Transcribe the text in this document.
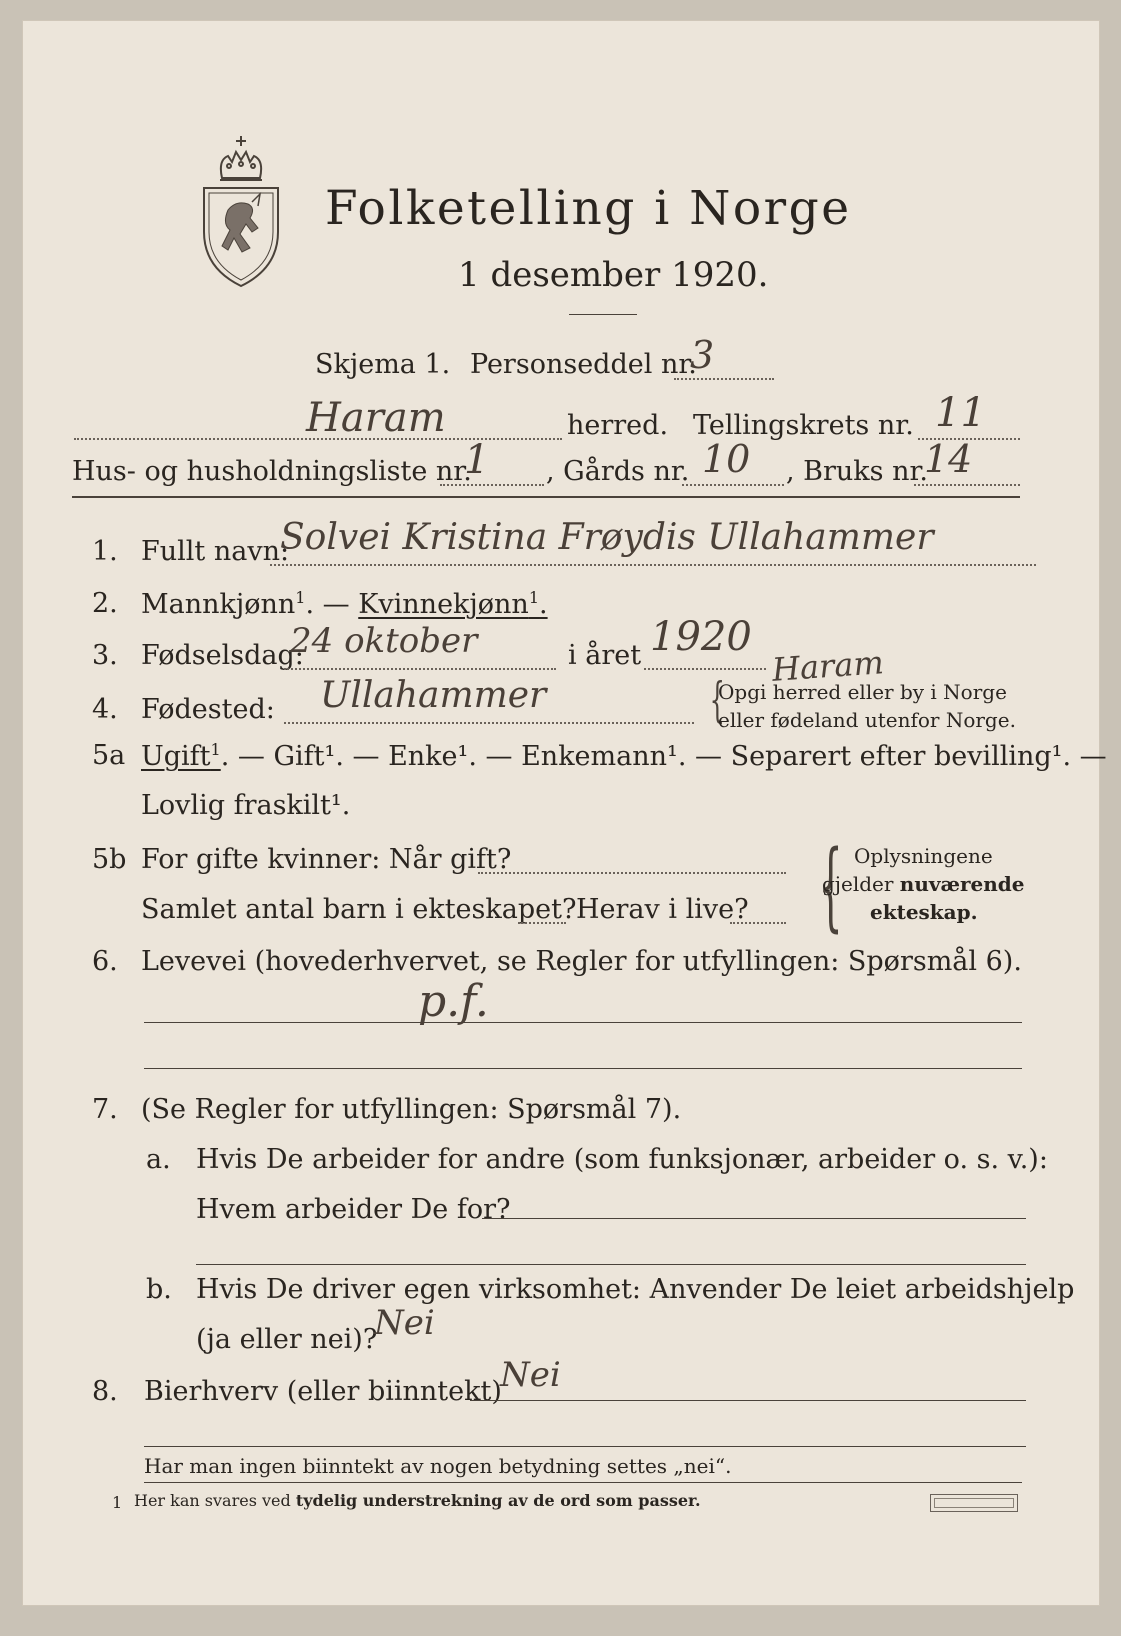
Folketelling i Norge
1 desember 1920.
Skjema 1. Personseddel nr.
3
Haram	herred. Tellingskrets nr. 11
Hus- og husholdningsliste nr.
1 , Gårds nr. 10 , Bruks nr.
14
1. Fullt navn:
Solvei Kristina Frøydis Ullahammer
2. Mannkjønn$^1$. — Kvinnekjønn$^1$.
3. Fødselsdag:
24 oktober	i året 1920
Haram
4. Fødested: Ullahammer	{
Opgi herred eller by i Norge
eller fødeland utenfor Norge.
5a Ugift$^1$. — Gift¹. — Enke¹. — Enkemann¹. — Separert efter bevilling¹. —
Lovlig fraskilt¹.
5b For gifte kvinner: Når gift?
Samlet antal barn i ekteskapet? Herav i live? { Oplysningene
gjelder nuværende
ekteskap.
6. Levevei (hovederhvervet, se Regler for utfyllingen: Spørsmål 6).
p.f.
7. (Se Regler for utfyllingen: Spørsmål 7).
a. Hvis De arbeider for andre (som funksjonær, arbeider o. s. v.):
Hvem arbeider De for?
b. Hvis De driver egen virksomhet: Anvender De leiet arbeidshjelp
(ja eller nei)?
Nei
8. Bierhverv (eller biinntekt)
Nei
Har man ingen biinntekt av nogen betydning settes „nei“.
1 Her kan svares ved tydelig understrekning av de ord som passer.
